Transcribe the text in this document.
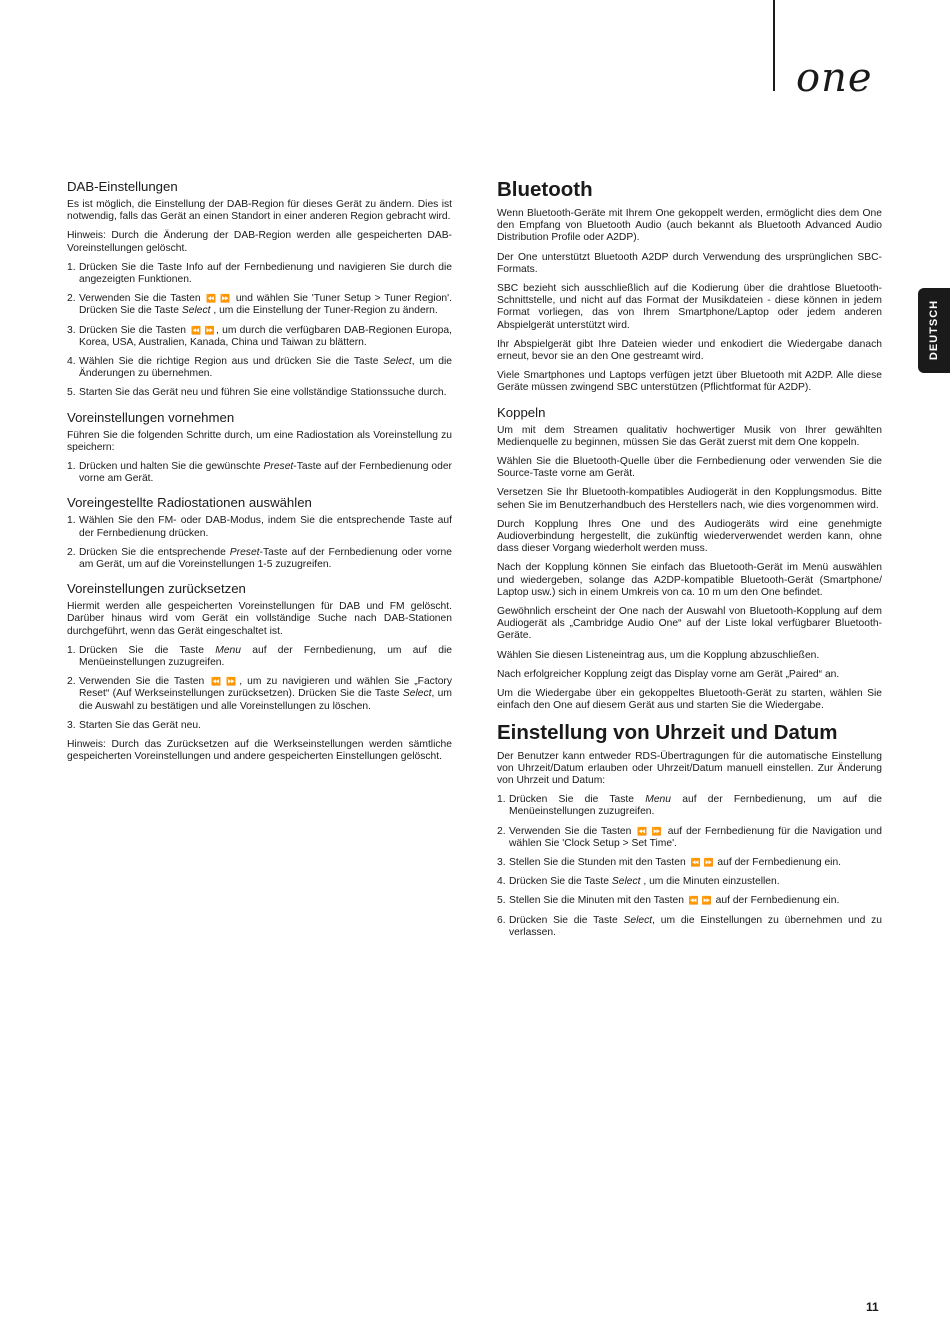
one
DEUTSCH
DAB-Einstellungen

Es ist möglich, die Einstellung der DAB-Region für dieses Gerät zu ändern. Dies ist notwendig, falls das Gerät an einen Standort in einer anderen Region gebracht wird.

Hinweis: Durch die Änderung der DAB-Region werden alle gespeicherten DAB-Voreinstellungen gelöscht.

1. Drücken Sie die Taste Info auf der Fernbedienung und navigieren Sie durch die angezeigten Funktionen.
2. Verwenden Sie die Tasten ⏪ ⏩ und wählen Sie 'Tuner Setup > Tuner Region'. Drücken Sie die Taste Select , um die Einstellung der Tuner-Region zu ändern.
3. Drücken Sie die Tasten ⏪ ⏩ , um durch die verfügbaren DAB-Regionen Europa, Korea, USA, Australien, Kanada, China und Taiwan zu blättern.
4. Wählen Sie die richtige Region aus und drücken Sie die Taste Select, um die Änderungen zu übernehmen.
5. Starten Sie das Gerät neu und führen Sie eine vollständige Stationssuche durch.
Voreinstellungen vornehmen

Führen Sie die folgenden Schritte durch, um eine Radiostation als Voreinstellung zu speichern:

1. Drücken und halten Sie die gewünschte Preset-Taste auf der Fernbedienung oder vorne am Gerät.
Voreingestellte Radiostationen auswählen
1. Wählen Sie den FM- oder DAB-Modus, indem Sie die entsprechende Taste auf der Fernbedienung drücken.
2. Drücken Sie die entsprechende Preset-Taste auf der Fernbedienung oder vorne am Gerät, um auf die Voreinstellungen 1-5 zuzugreifen.
Voreinstellungen zurücksetzen

Hiermit werden alle gespeicherten Voreinstellungen für DAB und FM gelöscht. Darüber hinaus wird vom Gerät ein vollständige Suche nach DAB-Stationen durchgeführt, wenn das Gerät eingeschaltet ist.

1. Drücken Sie die Taste Menu auf der Fernbedienung, um auf die Menüeinstellungen zuzugreifen.
2. Verwenden Sie die Tasten ⏪ ⏩ , um zu navigieren und wählen Sie „Factory Reset“ (Auf Werkseinstellungen zurücksetzen). Drücken Sie die Taste Select, um die Auswahl zu bestätigen und alle Voreinstellungen zu löschen.
3. Starten Sie das Gerät neu.

Hinweis: Durch das Zurücksetzen auf die Werkseinstellungen werden sämtliche gespeicherten Voreinstellungen und andere gespeicherten Einstellungen gelöscht.

Bluetooth

Wenn Bluetooth-Geräte mit Ihrem One gekoppelt werden, ermöglicht dies dem One den Empfang von Bluetooth Audio (auch bekannt als Bluetooth Advanced Audio Distribution Profile oder A2DP).

Der One unterstützt Bluetooth A2DP durch Verwendung des ursprünglichen SBC-Formats.

SBC bezieht sich ausschließlich auf die Kodierung über die drahtlose Bluetooth-Schnittstelle, und nicht auf das Format der Musikdateien - diese können in jedem Format vorliegen, das von Ihrem Smartphone/Laptop oder jedem anderen Abspielgerät unterstützt wird.

Ihr Abspielgerät gibt Ihre Dateien wieder und enkodiert die Wiedergabe danach erneut, bevor sie an den One gestreamt wird.

Viele Smartphones und Laptops verfügen jetzt über Bluetooth mit A2DP. Alle diese Geräte müssen zwingend SBC unterstützen (Pflichtformat für A2DP).

Koppeln

Um mit dem Streamen qualitativ hochwertiger Musik von Ihrer gewählten Medienquelle zu beginnen, müssen Sie das Gerät zuerst mit dem One koppeln.

Wählen Sie die Bluetooth-Quelle über die Fernbedienung oder verwenden Sie die Source-Taste vorne am Gerät.

Versetzen Sie Ihr Bluetooth-kompatibles Audiogerät in den Kopplungsmodus. Bitte sehen Sie im Benutzerhandbuch des Herstellers nach, wie dies vorgenommen wird.

Durch Kopplung Ihres One und des Audiogeräts wird eine genehmigte Audioverbindung hergestellt, die zukünftig wiederverwendet werden kann, ohne dass dieser Vorgang wiederholt werden muss.

Nach der Kopplung können Sie einfach das Bluetooth-Gerät im Menü auswählen und wiedergeben, solange das A2DP-kompatible Bluetooth-Gerät (Smartphone/ Laptop usw.) sich in einem Umkreis von ca. 10 m um den One befindet.

Gewöhnlich erscheint der One nach der Auswahl von Bluetooth-Kopplung auf dem Audiogerät als „Cambridge Audio One“ auf der Liste lokal verfügbarer Bluetooth-Geräte.

Wählen Sie diesen Listeneintrag aus, um die Kopplung abzuschließen.

Nach erfolgreicher Kopplung zeigt das Display vorne am Gerät „Paired“ an.

Um die Wiedergabe über ein gekoppeltes Bluetooth-Gerät zu starten, wählen Sie einfach den One auf diesem Gerät aus und starten Sie die Wiedergabe.

Einstellung von Uhrzeit und Datum

Der Benutzer kann entweder RDS-Übertragungen für die automatische Einstellung von Uhrzeit/Datum erlauben oder Uhrzeit/Datum manuell einstellen. Zur Änderung von Uhrzeit und Datum:

1. Drücken Sie die Taste Menu auf der Fernbedienung, um auf die Menüeinstellungen zuzugreifen.
2. Verwenden Sie die Tasten ⏪ ⏩ auf der Fernbedienung für die Navigation und wählen Sie 'Clock Setup > Set Time'.
3. Stellen Sie die Stunden mit den Tasten ⏪ ⏩ auf der Fernbedienung ein.
4. Drücken Sie die Taste Select , um die Minuten einzustellen.
5. Stellen Sie die Minuten mit den Tasten ⏪ ⏩ auf der Fernbedienung ein.
6. Drücken Sie die Taste Select, um die Einstellungen zu übernehmen und zu verlassen.
11
